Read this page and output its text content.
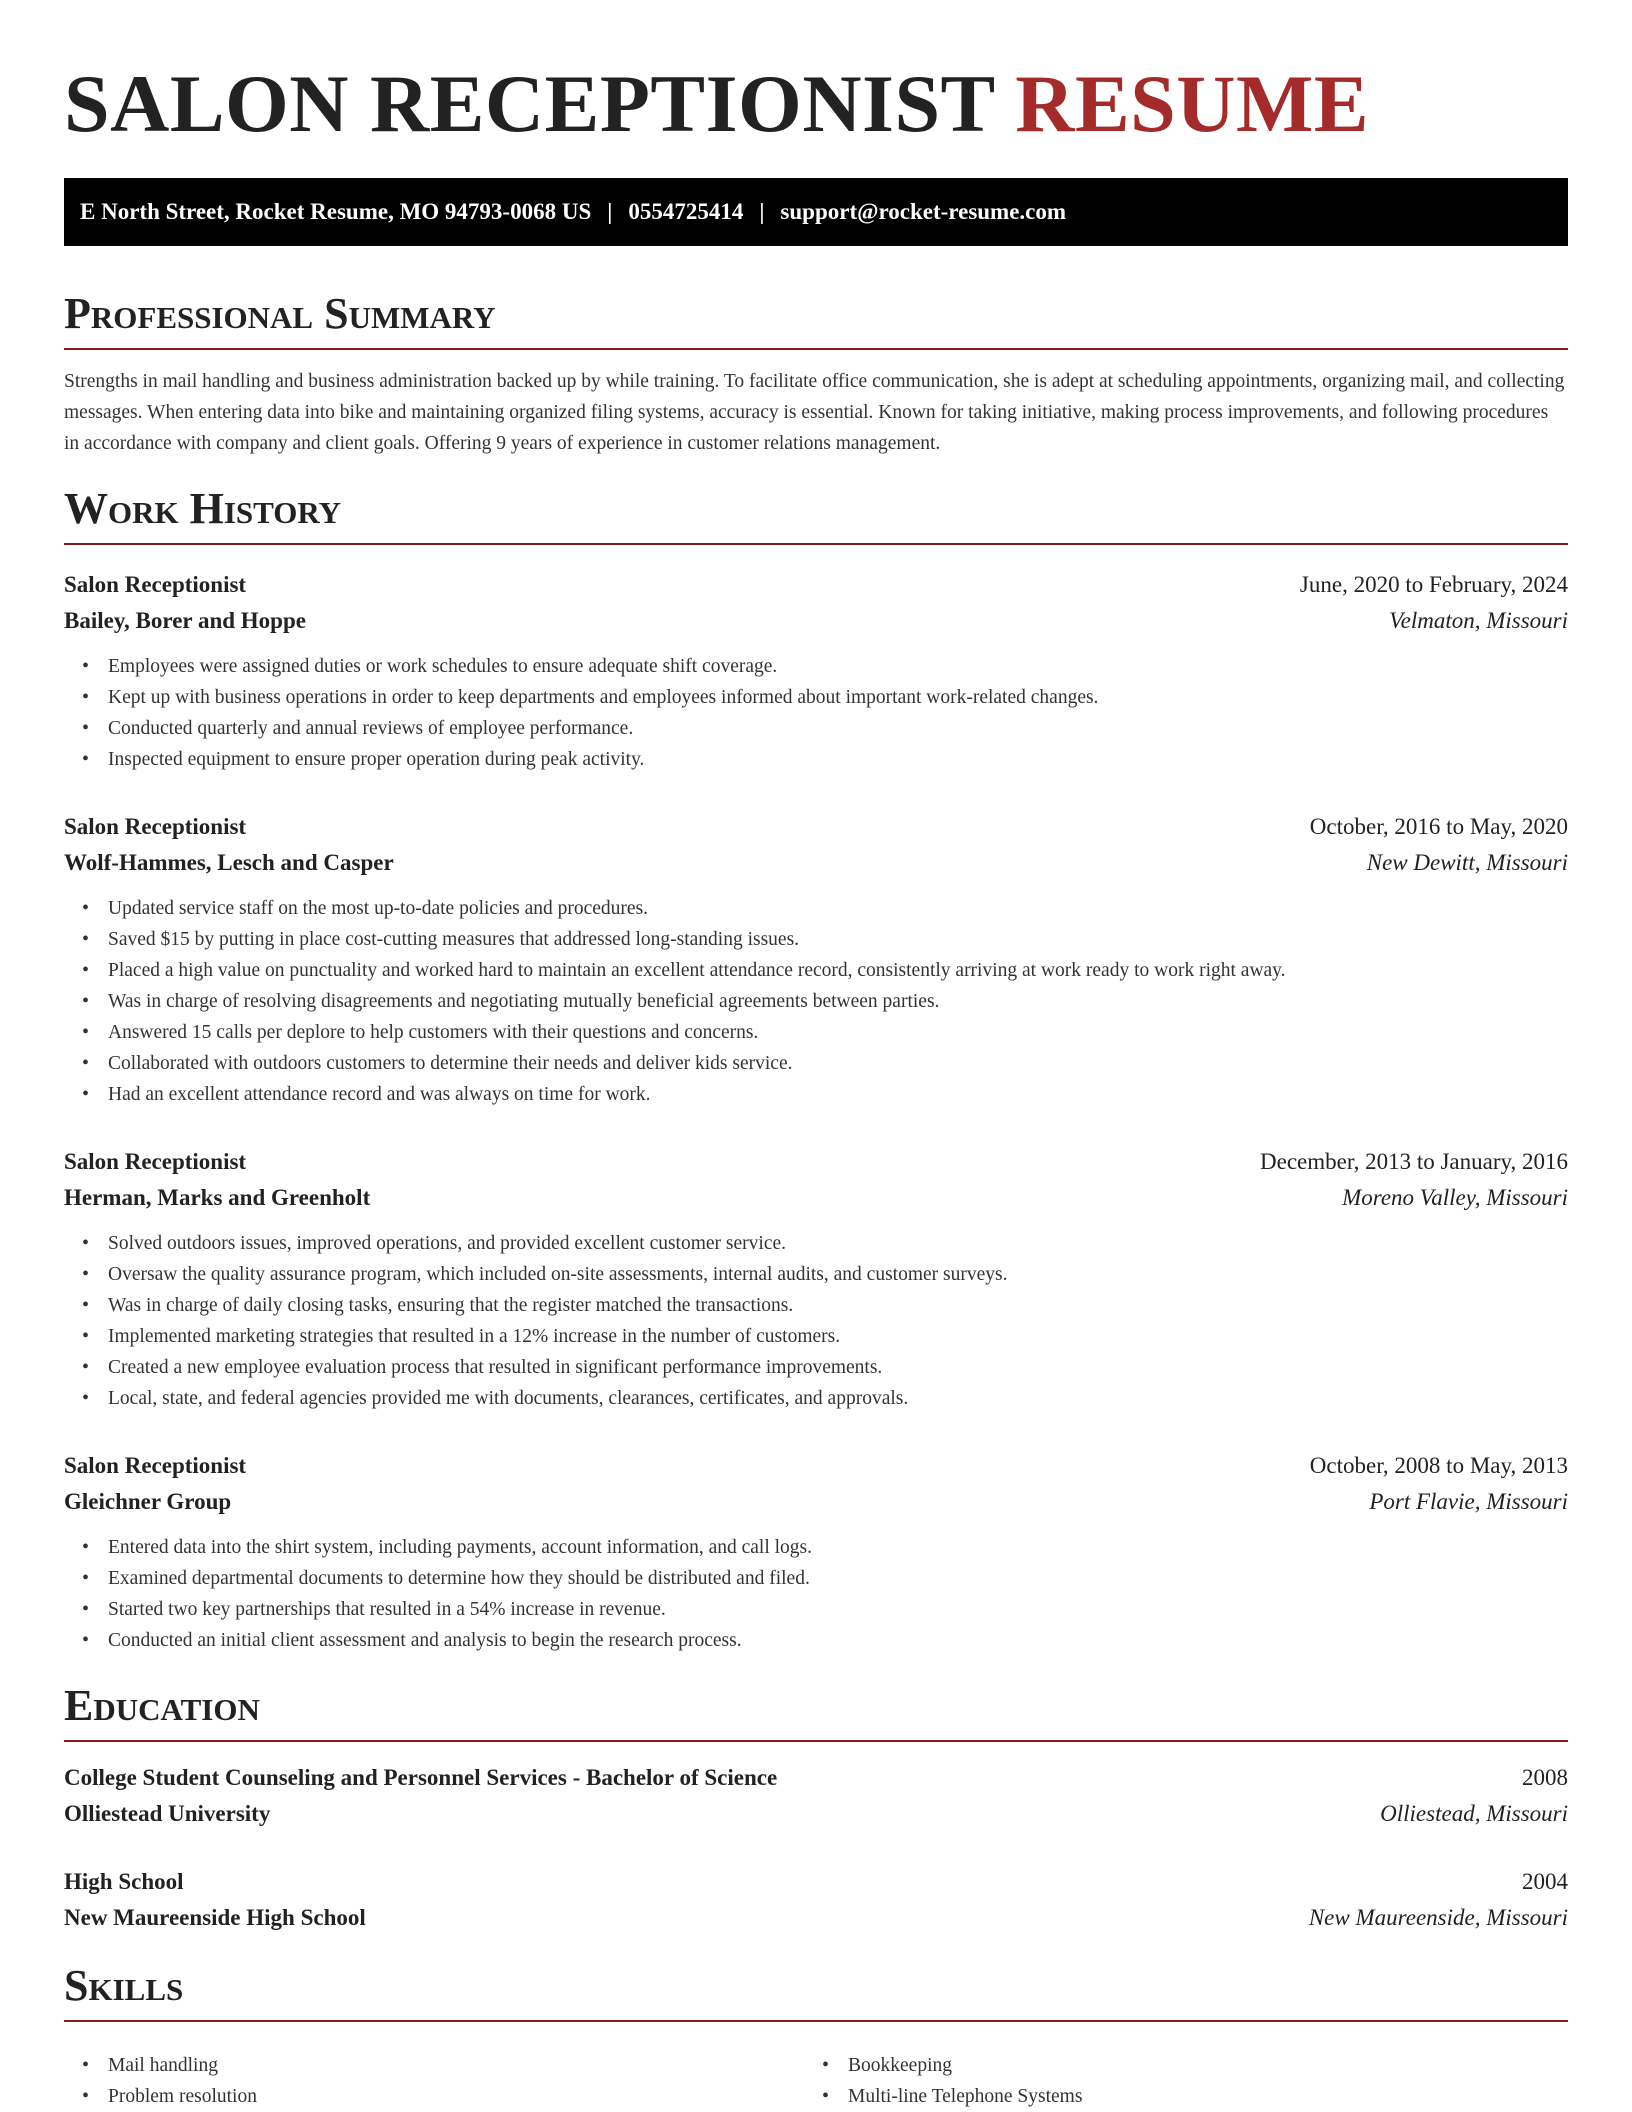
SALON RECEPTIONIST RESUME
E North Street, Rocket Resume, MO 94793-0068 US | 0554725414 | support@rocket-resume.com
Professional Summary

Strengths in mail handling and business administration backed up by while training. To facilitate office communication, she is adept at scheduling appointments, organizing mail, and collecting messages. When entering data into bike and maintaining organized filing systems, accuracy is essential. Known for taking initiative, making process improvements, and following procedures in accordance with company and client goals. Offering 9 years of experience in customer relations management.

Work History
Salon Receptionist	June, 2020 to February, 2024
Bailey, Borer and Hoppe	Velmaton, Missouri
• Employees were assigned duties or work schedules to ensure adequate shift coverage.
• Kept up with business operations in order to keep departments and employees informed about important work-related changes.
• Conducted quarterly and annual reviews of employee performance.
• Inspected equipment to ensure proper operation during peak activity.
Salon Receptionist	October, 2016 to May, 2020
Wolf-Hammes, Lesch and Casper	New Dewitt, Missouri
• Updated service staff on the most up-to-date policies and procedures.
• Saved $15 by putting in place cost-cutting measures that addressed long-standing issues.
• Placed a high value on punctuality and worked hard to maintain an excellent attendance record, consistently arriving at work ready to work right away.
• Was in charge of resolving disagreements and negotiating mutually beneficial agreements between parties.
• Answered 15 calls per deplore to help customers with their questions and concerns.
• Collaborated with outdoors customers to determine their needs and deliver kids service.
• Had an excellent attendance record and was always on time for work.
Salon Receptionist	December, 2013 to January, 2016
Herman, Marks and Greenholt	Moreno Valley, Missouri
• Solved outdoors issues, improved operations, and provided excellent customer service.
• Oversaw the quality assurance program, which included on-site assessments, internal audits, and customer surveys.
• Was in charge of daily closing tasks, ensuring that the register matched the transactions.
• Implemented marketing strategies that resulted in a 12% increase in the number of customers.
• Created a new employee evaluation process that resulted in significant performance improvements.
• Local, state, and federal agencies provided me with documents, clearances, certificates, and approvals.
Salon Receptionist	October, 2008 to May, 2013
Gleichner Group	Port Flavie, Missouri
• Entered data into the shirt system, including payments, account information, and call logs.
• Examined departmental documents to determine how they should be distributed and filed.
• Started two key partnerships that resulted in a 54% increase in revenue.
• Conducted an initial client assessment and analysis to begin the research process.
Education
College Student Counseling and Personnel Services - Bachelor of Science	2008
Olliestead University	Olliestead, Missouri
High School	2004
New Maureenside High School	New Maureenside, Missouri
Skills
• Mail handling
• Problem resolution
• Bookkeeping
• Multi-line Telephone Systems
